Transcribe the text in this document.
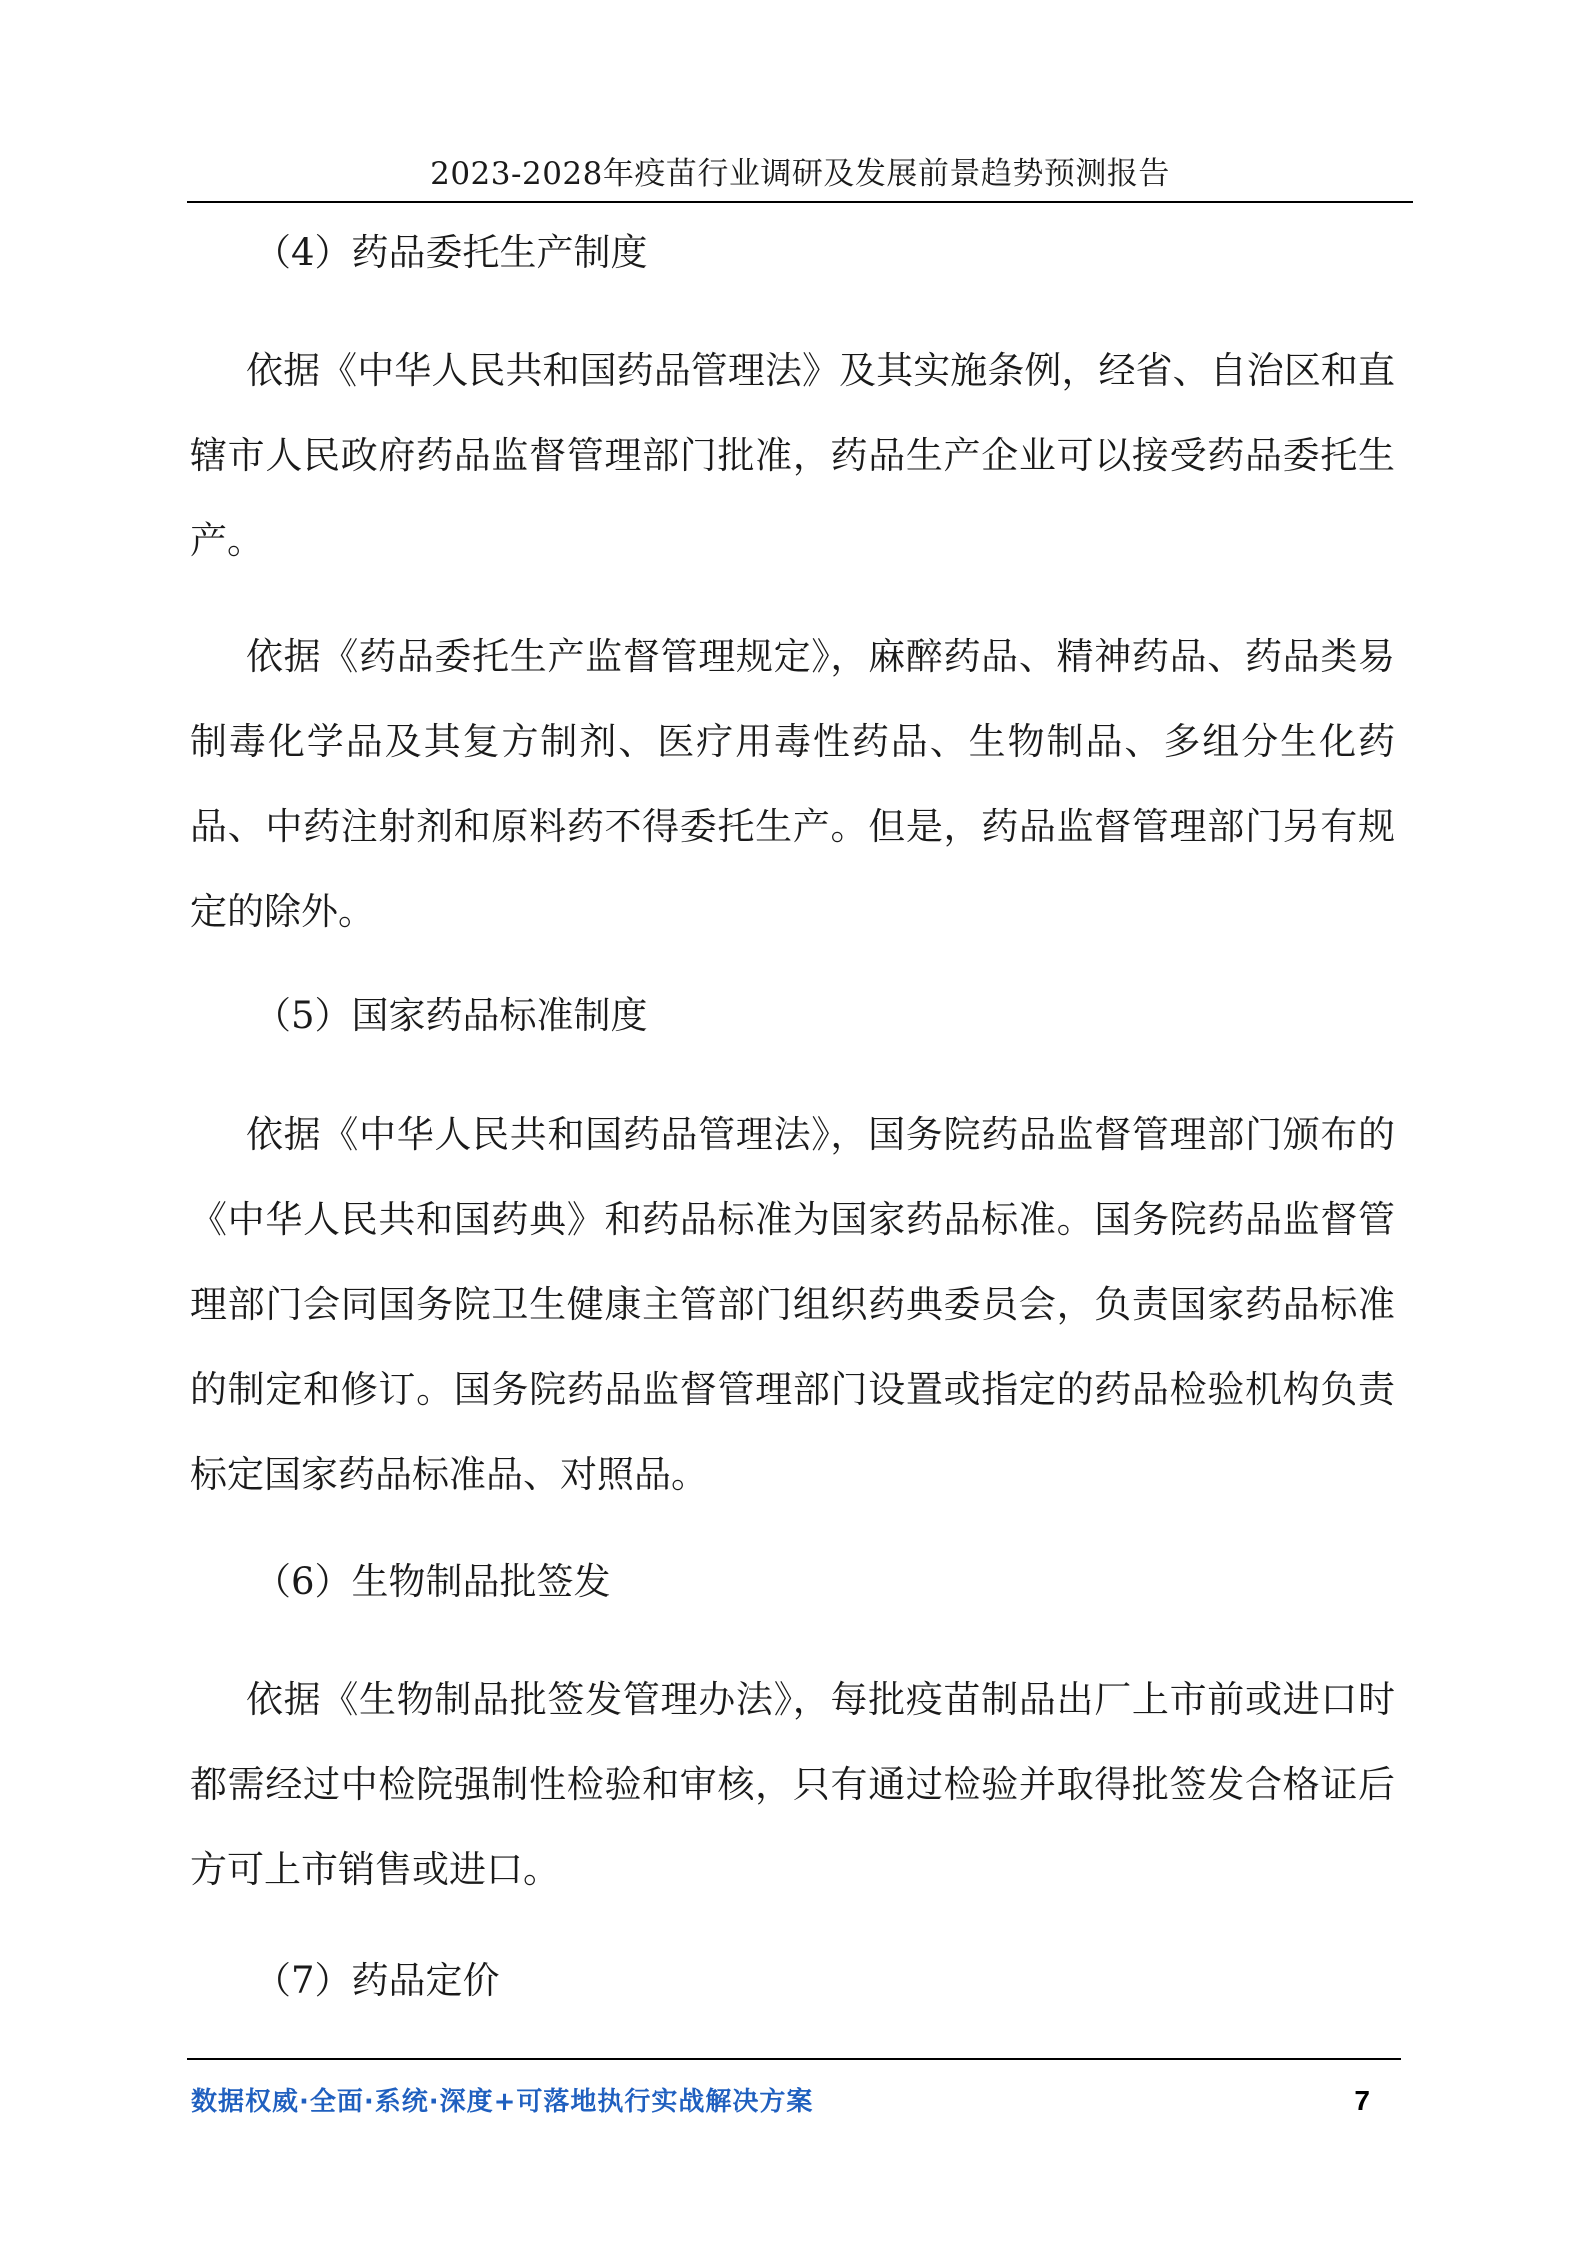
2023-2028年疫苗行业调研及发展前景趋势预测报告

（4）药品委托生产制度

依据《中华人民共和国药品管理法》及其实施条例，经省、自治区和直辖市人民政府药品监督管理部门批准，药品生产企业可以接受药品委托生产。

依据《药品委托生产监督管理规定》，麻醉药品、精神药品、药品类易制毒化学品及其复方制剂、医疗用毒性药品、生物制品、多组分生化药品、中药注射剂和原料药不得委托生产。但是，药品监督管理部门另有规定的除外。

（5）国家药品标准制度

依据《中华人民共和国药品管理法》，国务院药品监督管理部门颁布的《中华人民共和国药典》和药品标准为国家药品标准。国务院药品监督管理部门会同国务院卫生健康主管部门组织药典委员会，负责国家药品标准的制定和修订。国务院药品监督管理部门设置或指定的药品检验机构负责标定国家药品标准品、对照品。

（6）生物制品批签发

依据《生物制品批签发管理办法》，每批疫苗制品出厂上市前或进口时都需经过中检院强制性检验和审核，只有通过检验并取得批签发合格证后方可上市销售或进口。

（7）药品定价

数据权威·全面·系统·深度+可落地执行实战解决方案	7
